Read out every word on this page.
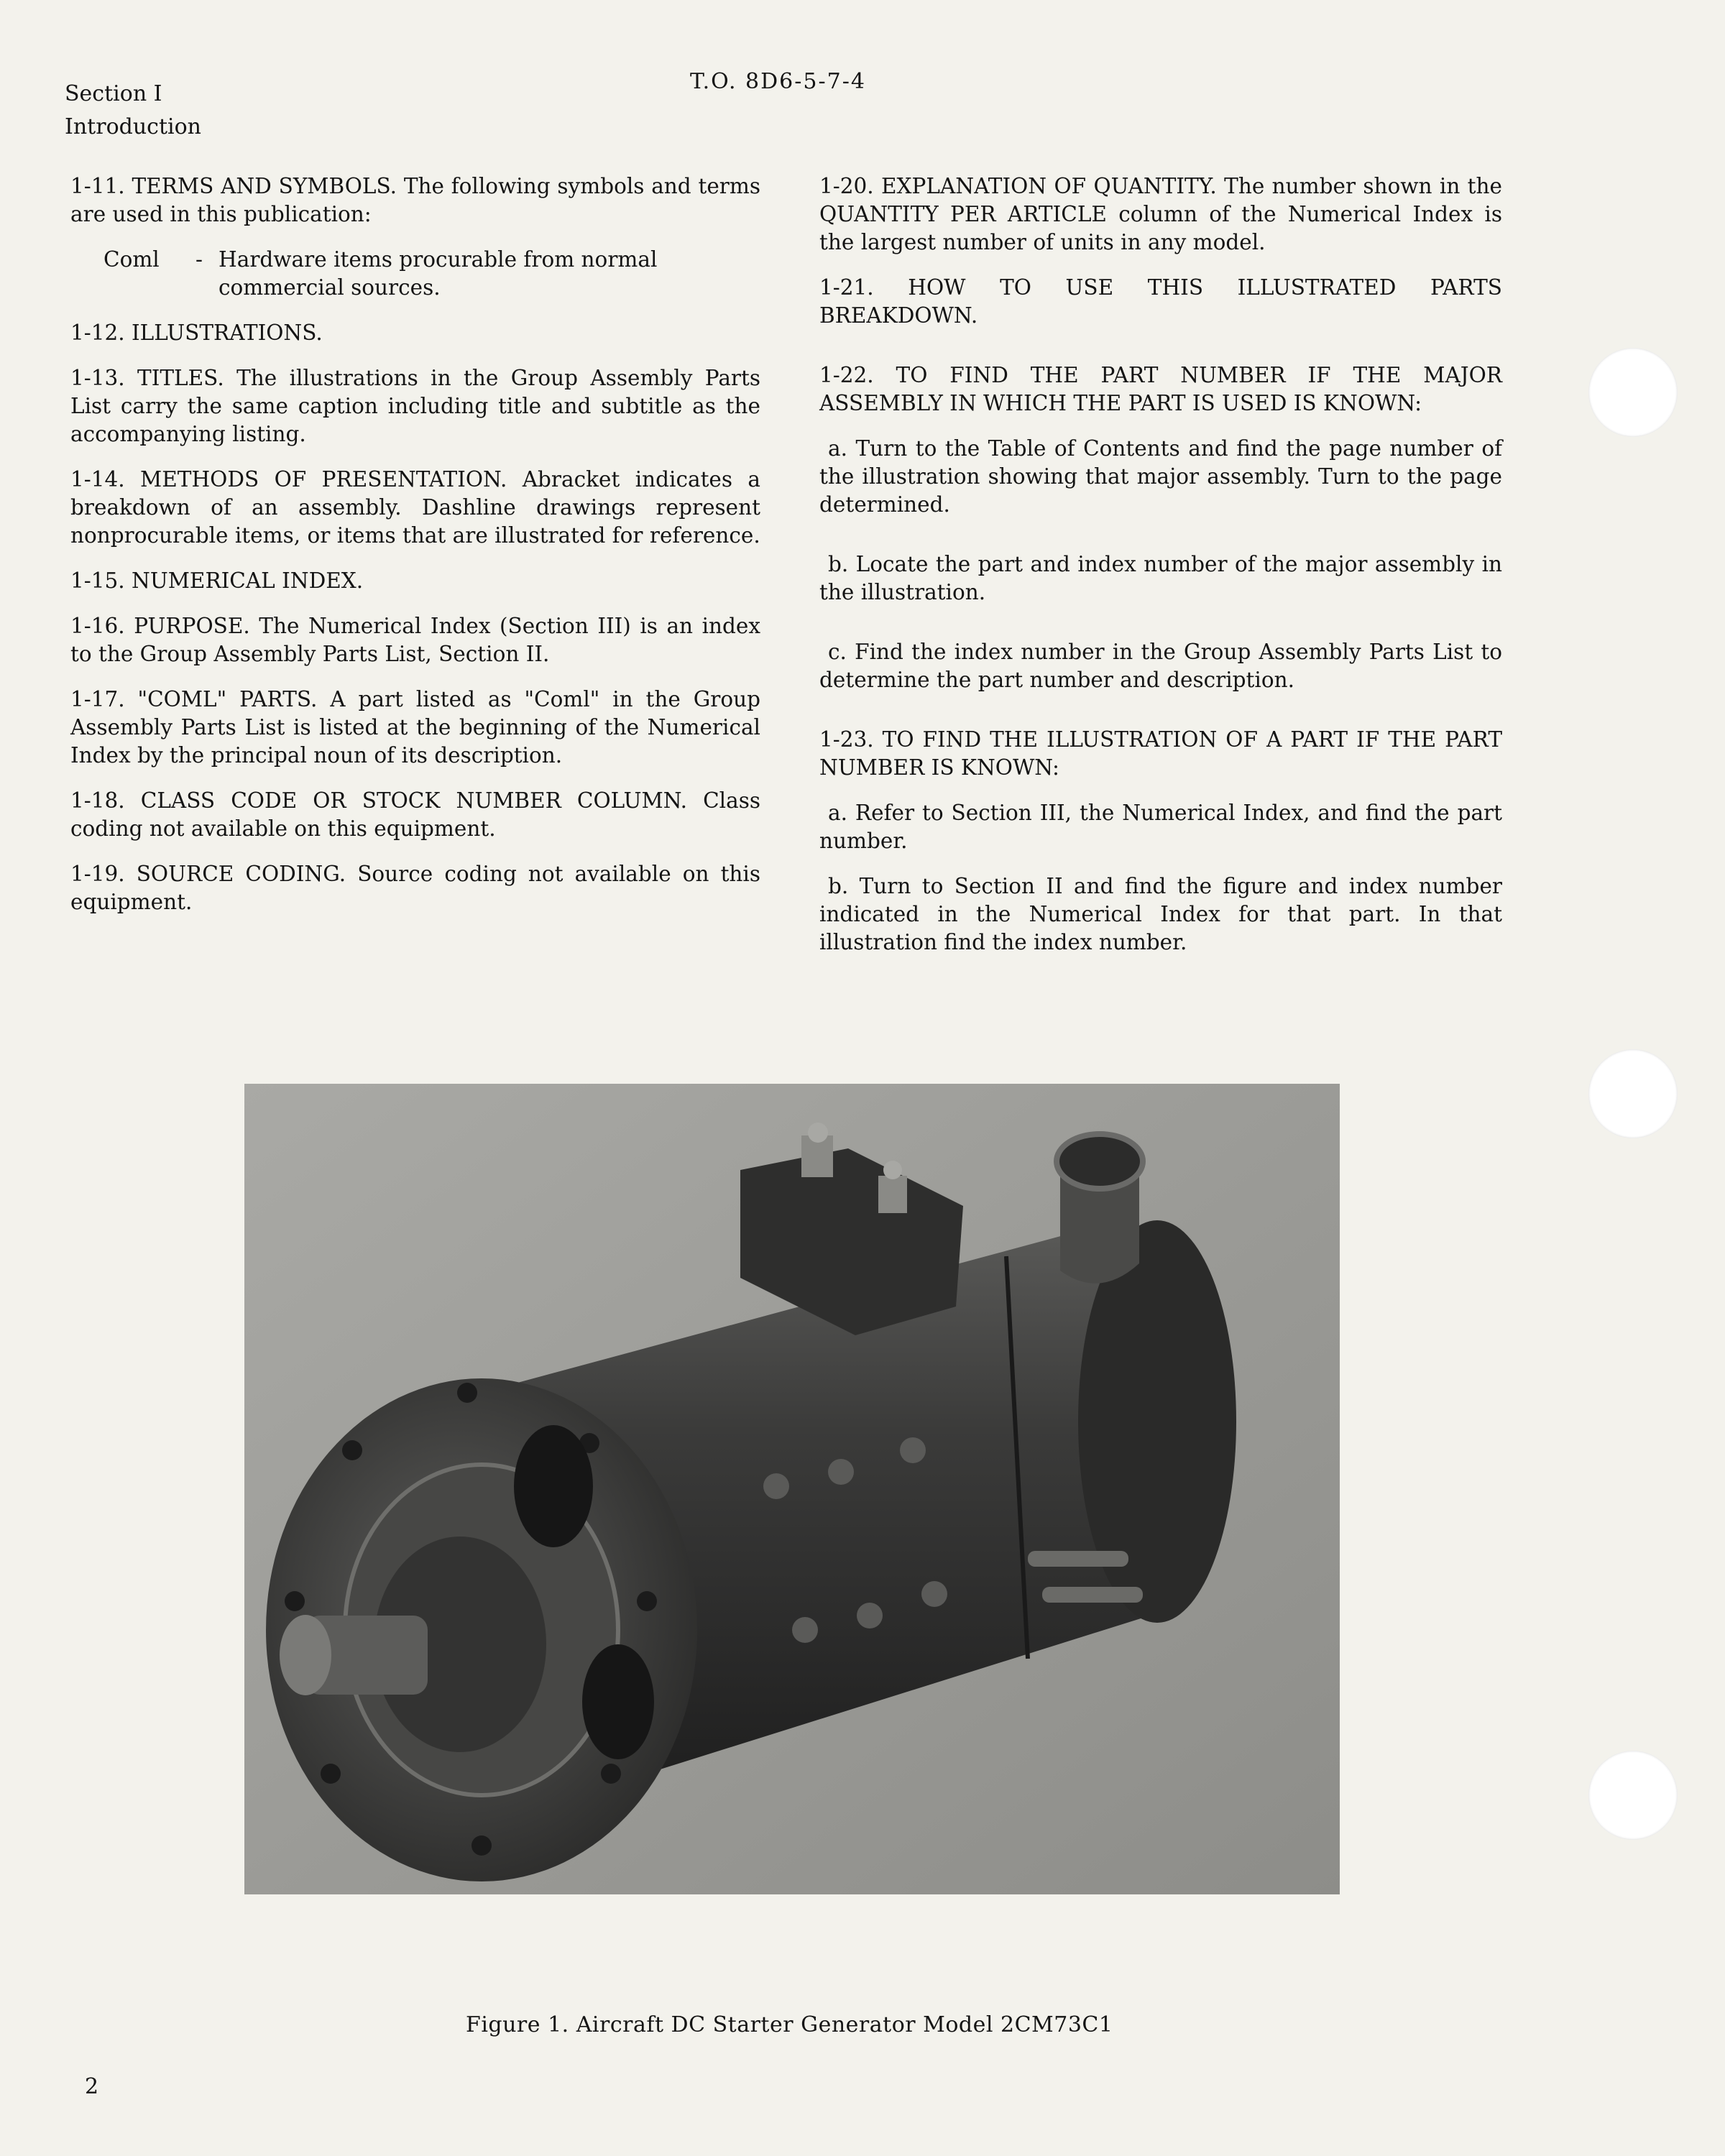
Section I
Introduction
T.O. 8D6-5-7-4

1-11. TERMS AND SYMBOLS. The following symbols and terms are used in this publication:

Coml	- Hardware items procurable from normal commercial sources.

1-12. ILLUSTRATIONS.

1-13. TITLES. The illustrations in the Group Assembly Parts List carry the same caption including title and subtitle as the accompanying listing.

1-14. METHODS OF PRESENTATION. Abracket indicates a breakdown of an assembly. Dashline drawings represent nonprocurable items, or items that are illustrated for reference.

1-15. NUMERICAL INDEX.

1-16. PURPOSE. The Numerical Index (Section III) is an index to the Group Assembly Parts List, Section II.

1-17. "COML" PARTS. A part listed as "Coml" in the Group Assembly Parts List is listed at the beginning of the Numerical Index by the principal noun of its description.

1-18. CLASS CODE OR STOCK NUMBER COLUMN. Class coding not available on this equipment.

1-19. SOURCE CODING. Source coding not available on this equipment.

1-20. EXPLANATION OF QUANTITY. The number shown in the QUANTITY PER ARTICLE column of the Numerical Index is the largest number of units in any model.

1-21. HOW TO USE THIS ILLUSTRATED PARTS BREAKDOWN.

1-22. TO FIND THE PART NUMBER IF THE MAJOR ASSEMBLY IN WHICH THE PART IS USED IS KNOWN:

a. Turn to the Table of Contents and find the page number of the illustration showing that major assembly. Turn to the page determined.

b. Locate the part and index number of the major assembly in the illustration.

c. Find the index number in the Group Assembly Parts List to determine the part number and description.

1-23. TO FIND THE ILLUSTRATION OF A PART IF THE PART NUMBER IS KNOWN:

a. Refer to Section III, the Numerical Index, and find the part number.

b. Turn to Section II and find the figure and index number indicated in the Numerical Index for that part. In that illustration find the index number.

Figure 1. Aircraft DC Starter Generator Model 2CM73C1
2
